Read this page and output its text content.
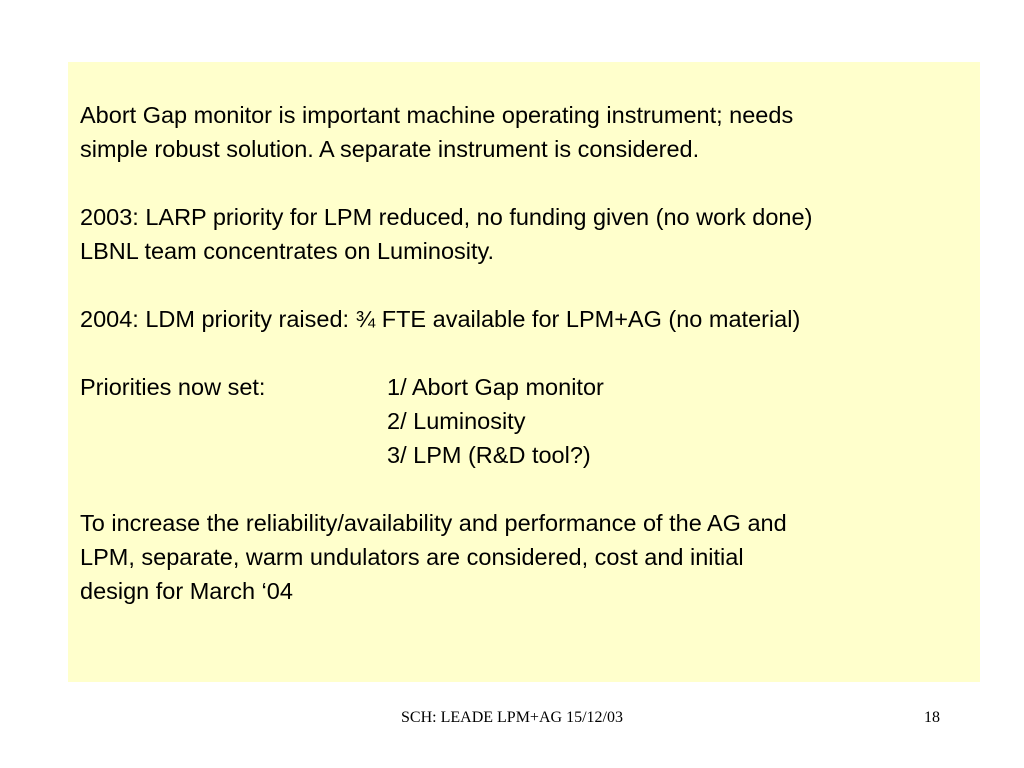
Abort Gap monitor is important machine operating instrument; needs
simple robust solution. A separate instrument is considered.

2003: LARP priority for LPM reduced, no funding given (no work done)
LBNL team concentrates on Luminosity.

2004: LDM priority raised: ¾ FTE available for LPM+AG (no material)

Priorities now set:	1/ Abort Gap monitor
2/ Luminosity
3/ LPM (R&D tool?)

To increase the reliability/availability and performance of the AG and
LPM, separate, warm undulators are considered, cost and initial
design for March ‘04

SCH: LEADE LPM+AG 15/12/03	18
